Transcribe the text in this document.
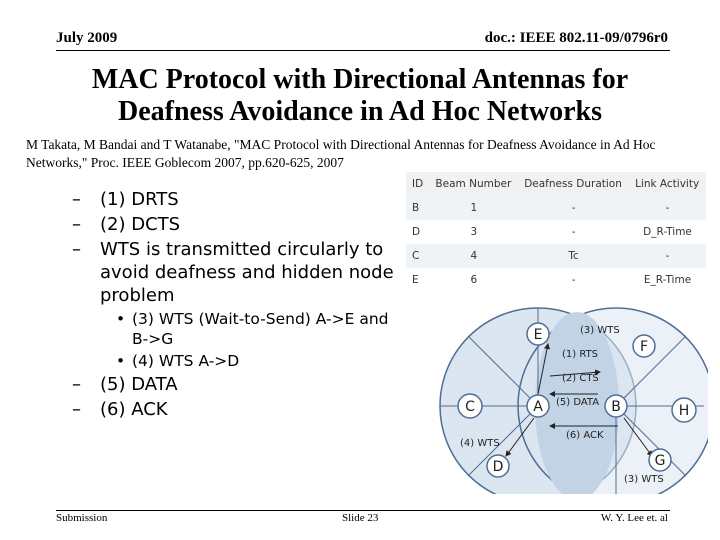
July 2009	doc.: IEEE 802.11-09/0796r0
MAC Protocol with Directional Antennas for
Deafness Avoidance in Ad Hoc Networks
M Takata, M Bandai and T Watanabe, "MAC Protocol with Directional Antennas for Deafness Avoidance in Ad Hoc Networks," Proc. IEEE Goblecom 2007, pp.620-625, 2007
– (1) DRTS
– (2) DCTS
– WTS is transmitted circularly to avoid deafness and hidden node problem
• (3) WTS (Wait-to-Send) A->E and B->G
• (4) WTS A->D
– (5) DATA
– (6) ACK
ID	Beam Number	Deafness Duration	Link Activity
B	1	-	-
D	3	-	D_R-Time
C	4	Tc	-
E	6	-	E_R-Time
(3) WTS
(1) RTS
(2) CTS
(5) DATA
(6) ACK
(4) WTS
(3) WTS
E
F
C	A	B	H
D	G
Submission	Slide 23	W. Y. Lee et. al
